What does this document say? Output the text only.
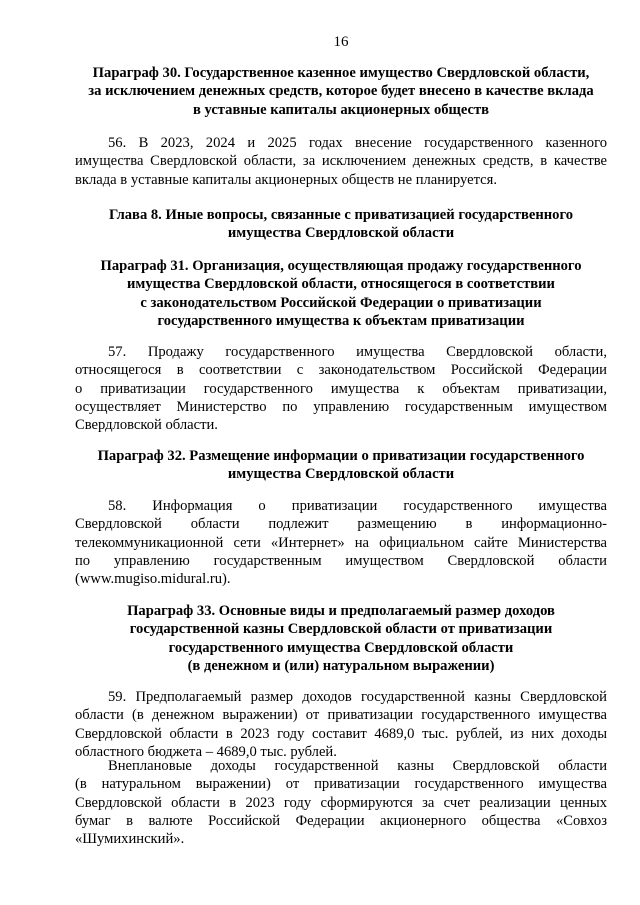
16
Параграф 30. Государственное казенное имущество Свердловской области,
за исключением денежных средств, которое будет внесено в качестве вклада
в уставные капиталы акционерных обществ
56. В 2023, 2024 и 2025 годах внесение государственного казенного
имущества Свердловской области, за исключением денежных средств, в качестве
вклада в уставные капиталы акционерных обществ не планируется.
Глава 8. Иные вопросы, связанные с приватизацией государственного
имущества Свердловской области
Параграф 31. Организация, осуществляющая продажу государственного
имущества Свердловской области, относящегося в соответствии
с законодательством Российской Федерации о приватизации
государственного имущества к объектам приватизации
57. Продажу государственного имущества Свердловской области,
относящегося в соответствии с законодательством Российской Федерации
о приватизации государственного имущества к объектам приватизации,
осуществляет Министерство по управлению государственным имуществом
Свердловской области.
Параграф 32. Размещение информации о приватизации государственного
имущества Свердловской области
58. Информация о приватизации государственного имущества
Свердловской области подлежит размещению в информационно-
телекоммуникационной сети «Интернет» на официальном сайте Министерства
по управлению государственным имуществом Свердловской области
(www.mugiso.midural.ru).
Параграф 33. Основные виды и предполагаемый размер доходов
государственной казны Свердловской области от приватизации
государственного имущества Свердловской области
(в денежном и (или) натуральном выражении)
59. Предполагаемый размер доходов государственной казны Свердловской
области (в денежном выражении) от приватизации государственного имущества
Свердловской области в 2023 году составит 4689,0 тыс. рублей, из них доходы
областного бюджета – 4689,0 тыс. рублей.
Внеплановые доходы государственной казны Свердловской области
(в натуральном выражении) от приватизации государственного имущества
Свердловской области в 2023 году сформируются за счет реализации ценных
бумаг в валюте Российской Федерации акционерного общества «Совхоз
«Шумихинский».
